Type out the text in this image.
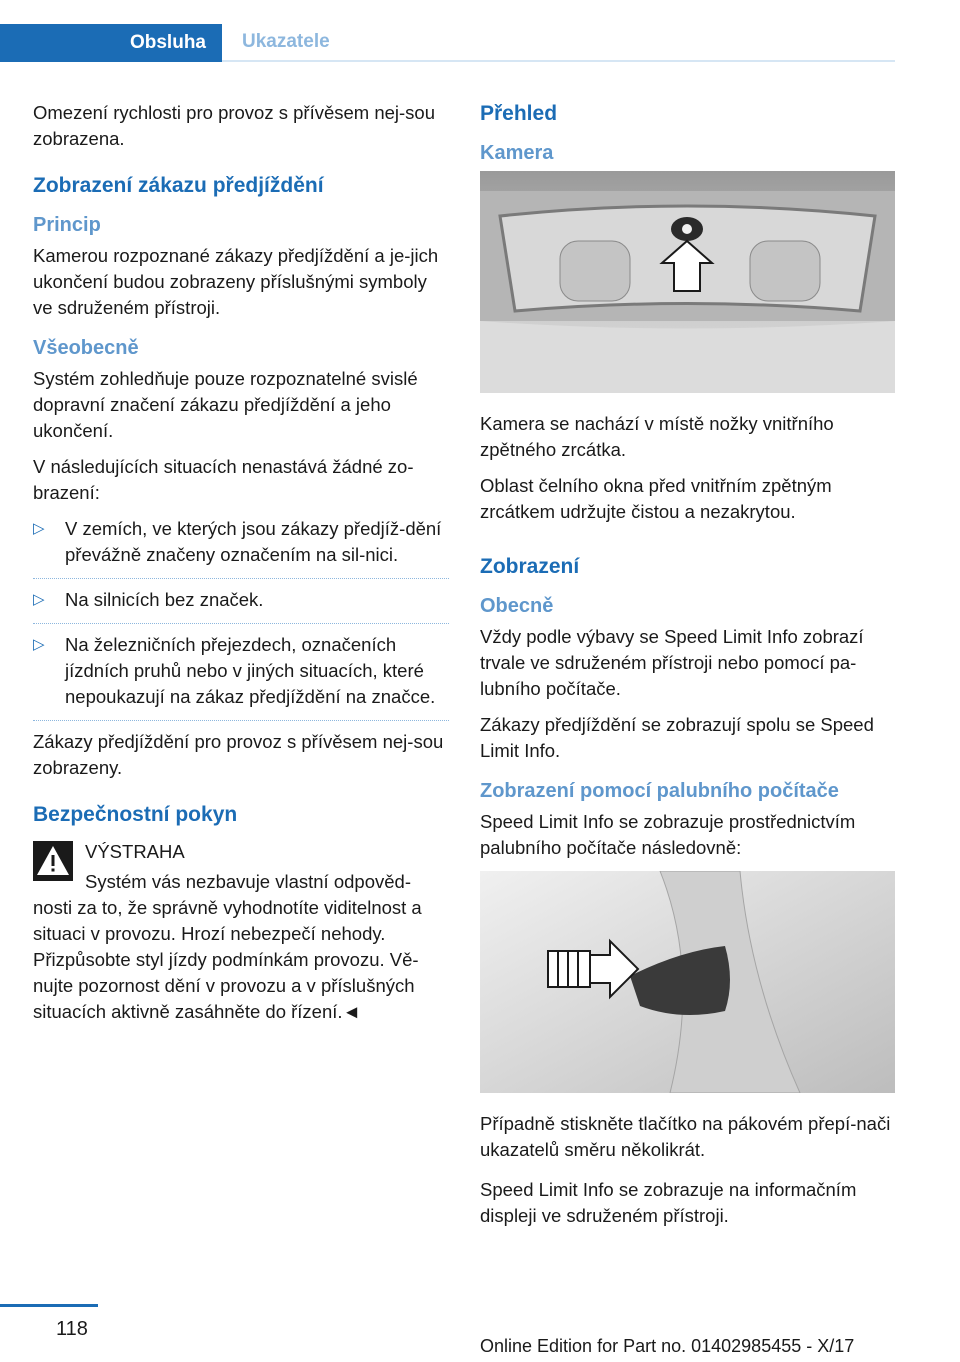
Obsluha	Ukazatele

Omezení rychlosti pro provoz s přívěsem nej-sou zobrazena.

Zobrazení zákazu předjíždění
Princip

Kamerou rozpoznané zákazy předjíždění a je-jich ukončení budou zobrazeny příslušnými symboly ve sdruženém přístroji.

Všeobecně

Systém zohledňuje pouze rozpoznatelné svislé dopravní značení zákazu předjíždění a jeho ukončení.

V následujících situacích nenastává žádné zo-brazení:

▷ V zemích, ve kterých jsou zákazy předjíž-dění převážně značeny označením na sil-nici.
▷ Na silnicích bez značek.
▷ Na železničních přejezdech, označeních jízdních pruhů nebo v jiných situacích, které nepoukazují na zákaz předjíždění na značce.

Zákazy předjíždění pro provoz s přívěsem nej-sou zobrazeny.

Bezpečnostní pokyn
VÝSTRAHA

Systém vás nezbavuje vlastní odpověd-nosti za to, že správně vyhodnotíte viditelnost a situaci v provozu. Hrozí nebezpečí nehody. Přizpůsobte styl jízdy podmínkám provozu. Vě-nujte pozornost dění v provozu a v příslušných situacích aktivně zasáhněte do řízení.◄

Přehled
Kamera

Kamera se nachází v místě nožky vnitřního zpětného zrcátka.

Oblast čelního okna před vnitřním zpětným zrcátkem udržujte čistou a nezakrytou.

Zobrazení
Obecně

Vždy podle výbavy se Speed Limit Info zobrazí trvale ve sdruženém přístroji nebo pomocí pa-lubního počítače.

Zákazy předjíždění se zobrazují spolu se Speed Limit Info.

Zobrazení pomocí palubního počítače

Speed Limit Info se zobrazuje prostřednictvím palubního počítače následovně:

Případně stiskněte tlačítko na pákovém přepí-nači ukazatelů směru několikrát.

Speed Limit Info se zobrazuje na informačním displeji ve sdruženém přístroji.

118
Online Edition for Part no. 01402985455 - X/17
